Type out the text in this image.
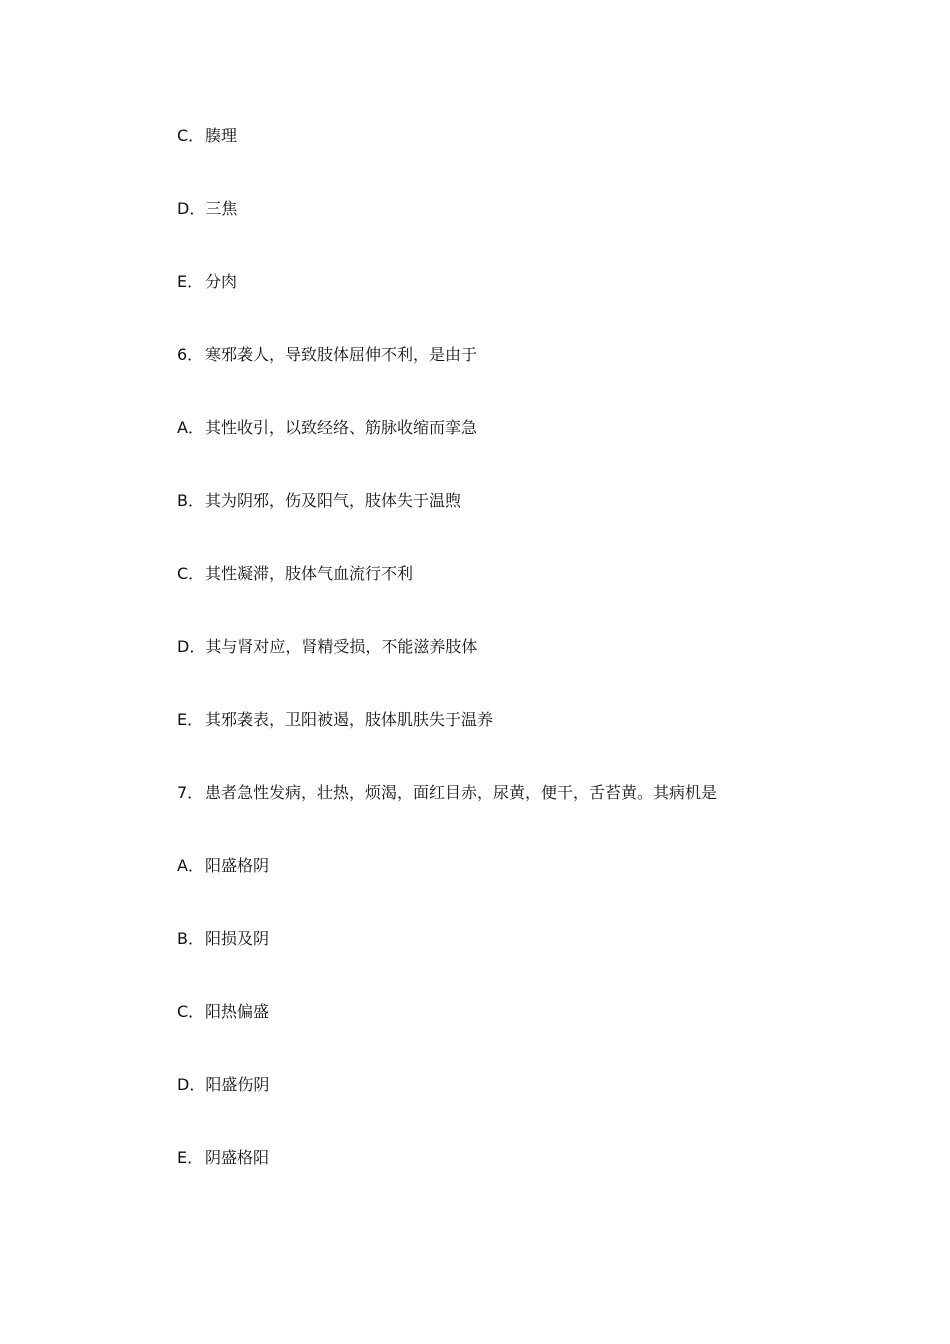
C．腠理
D．三焦
E． 分肉
6． 寒邪袭人，导致肢体屈伸不利，是由于
A．其性收引，以致经络、筋脉收缩而挛急
B．其为阴邪，伤及阳气，肢体失于温煦
C．其性凝滞，肢体气血流行不利
D．其与肾对应，肾精受损，不能滋养肢体
E． 其邪袭表，卫阳被遏，肢体肌肤失于温养
7． 患者急性发病，壮热，烦渴，面红目赤，尿黄，便干，舌苔黄。其病机是
A．阳盛格阴
B．阳损及阴
C．阳热偏盛
D．阳盛伤阴
E． 阴盛格阳
